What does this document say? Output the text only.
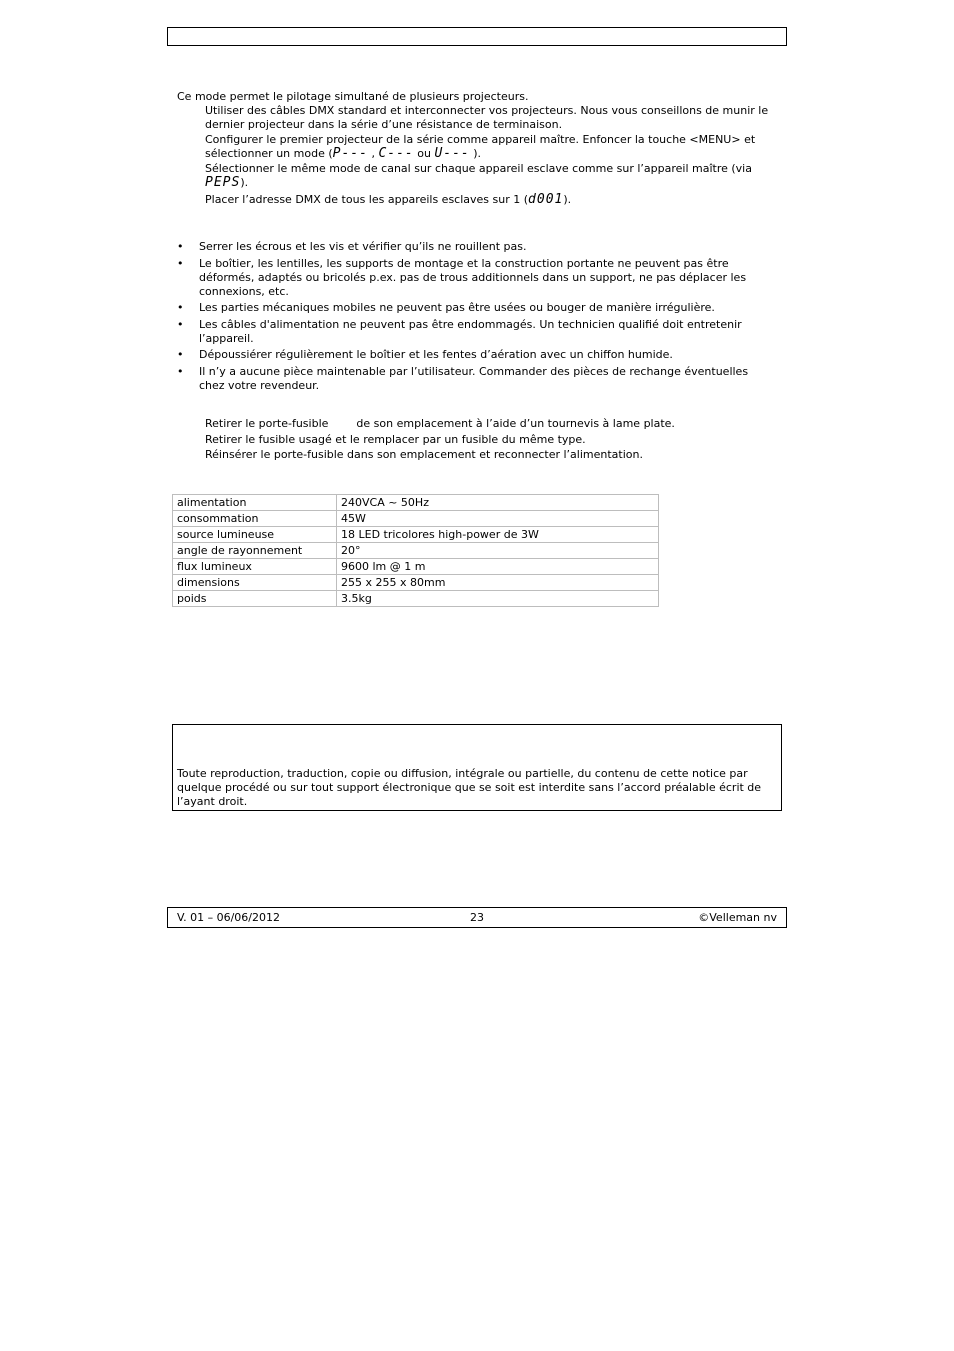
Ce mode permet le pilotage simultané de plusieurs projecteurs.
Utiliser des câbles DMX standard et interconnecter vos projecteurs. Nous vous conseillons de munir le dernier projecteur dans la série d’une résistance de terminaison.
Configurer le premier projecteur de la série comme appareil maître. Enfoncer la touche <MENU> et
sélectionner un mode (P--- , C--- ou U--- ).
Sélectionner le même mode de canal sur chaque appareil esclave comme sur l’appareil maître (via
PEPS).
Placer l’adresse DMX de tous les appareils esclaves sur 1 (d001).
• Serrer les écrous et les vis et vérifier qu’ils ne rouillent pas.
• Le boîtier, les lentilles, les supports de montage et la construction portante ne peuvent pas être déformés, adaptés ou bricolés p.ex. pas de trous additionnels dans un support, ne pas déplacer les connexions, etc.
• Les parties mécaniques mobiles ne peuvent pas être usées ou bouger de manière irrégulière.
• Les câbles d'alimentation ne peuvent pas être endommagés. Un technicien qualifié doit entretenir l’appareil.
• Dépoussiérer régulièrement le boîtier et les fentes d’aération avec un chiffon humide.
• Il n’y a aucune pièce maintenable par l’utilisateur. Commander des pièces de rechange éventuelles chez votre revendeur.
Retirer le porte-fusible	de son emplacement à l’aide d’un tournevis à lame plate.
Retirer le fusible usagé et le remplacer par un fusible du même type.
Réinsérer le porte-fusible dans son emplacement et reconnecter l’alimentation.
alimentation	240VCA ~ 50Hz
consommation	45W
source lumineuse	18 LED tricolores high-power de 3W
angle de rayonnement	20°
flux lumineux	9600 lm @ 1 m
dimensions	255 x 255 x 80mm
poids	3.5kg
Toute reproduction, traduction, copie ou diffusion, intégrale ou partielle, du contenu de cette notice par quelque procédé ou sur tout support électronique que se soit est interdite sans l’accord préalable écrit de l’ayant droit.
V. 01 – 06/06/2012	23	©Velleman nv
